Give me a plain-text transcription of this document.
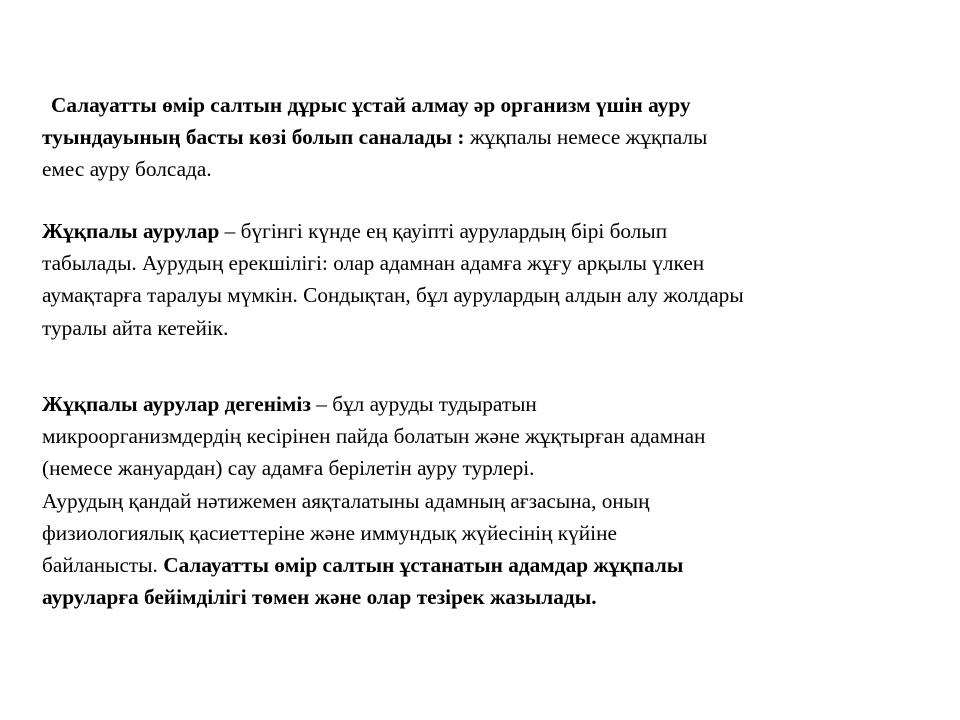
Салауатты өмір салтын дұрыс ұстай алмау әр организм үшін ауру
туындауының басты көзі болып саналады : жұқпалы немесе жұқпалы
емес ауру болсада.

Жұқпалы аурулар – бүгінгі күнде ең қауіпті аурулардың бірі болып
табылады. Аурудың ерекшілігі: олар адамнан адамға жұғу арқылы үлкен
аумақтарға таралуы мүмкін. Сондықтан, бұл аурулардың алдын алу жолдары
туралы айта кетейік.

Жұқпалы аурулар дегеніміз – бұл ауруды тудыратын
микроорганизмдердің кесірінен пайда болатын және жұқтырған адамнан
(немесе жануардан) сау адамға берілетін ауру турлері.
Аурудың қандай нәтижемен аяқталатыны адамның ағзасына, оның
физиологиялық қасиеттеріне және иммундық жүйесінің күйіне
байланысты. Салауатты өмір салтын ұстанатын адамдар жұқпалы
ауруларға бейімділігі төмен және олар тезірек жазылады.
